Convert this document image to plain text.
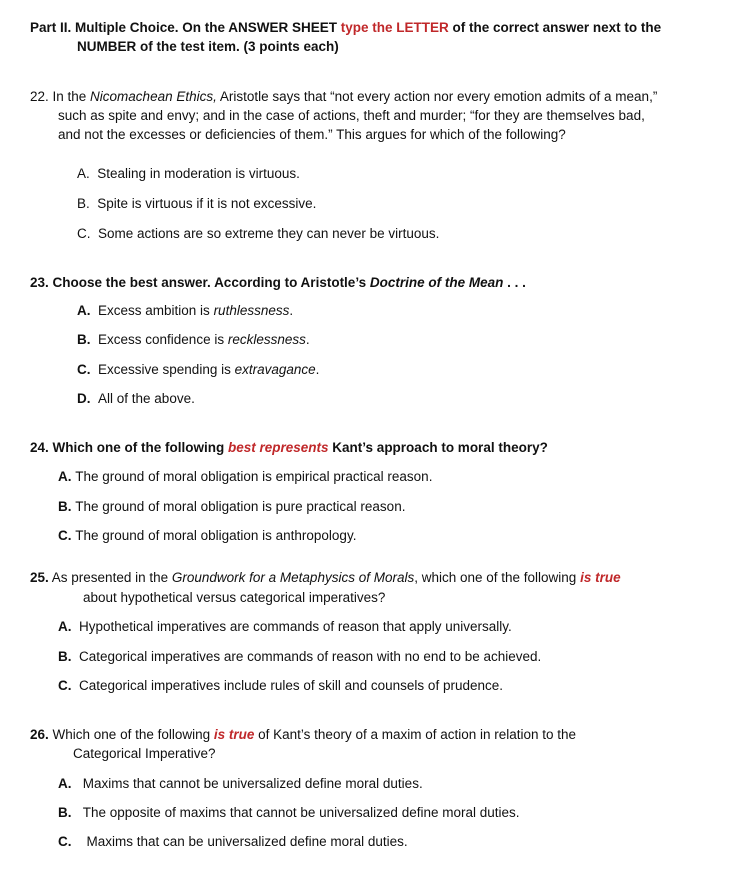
Part II. Multiple Choice. On the ANSWER SHEET type the LETTER of the correct answer next to the
NUMBER of the test item. (3 points each)
22. In the Nicomachean Ethics, Aristotle says that “not every action nor every emotion admits of a mean,”
such as spite and envy; and in the case of actions, theft and murder; “for they are themselves bad,
and not the excesses or deficiencies of them.” This argues for which of the following?
A. Stealing in moderation is virtuous.
B. Spite is virtuous if it is not excessive.
C. Some actions are so extreme they can never be virtuous.
23. Choose the best answer. According to Aristotle’s Doctrine of the Mean . . .
A. Excess ambition is ruthlessness.
B. Excess confidence is recklessness.
C. Excessive spending is extravagance.
D. All of the above.
24. Which one of the following best represents Kant’s approach to moral theory?
A. The ground of moral obligation is empirical practical reason.
B. The ground of moral obligation is pure practical reason.
C. The ground of moral obligation is anthropology.
25. As presented in the Groundwork for a Metaphysics of Morals, which one of the following is true
about hypothetical versus categorical imperatives?
A. Hypothetical imperatives are commands of reason that apply universally.
B. Categorical imperatives are commands of reason with no end to be achieved.
C. Categorical imperatives include rules of skill and counsels of prudence.
26. Which one of the following is true of Kant’s theory of a maxim of action in relation to the
Categorical Imperative?
A. Maxims that cannot be universalized define moral duties.
B. The opposite of maxims that cannot be universalized define moral duties.
C. Maxims that can be universalized define moral duties.
